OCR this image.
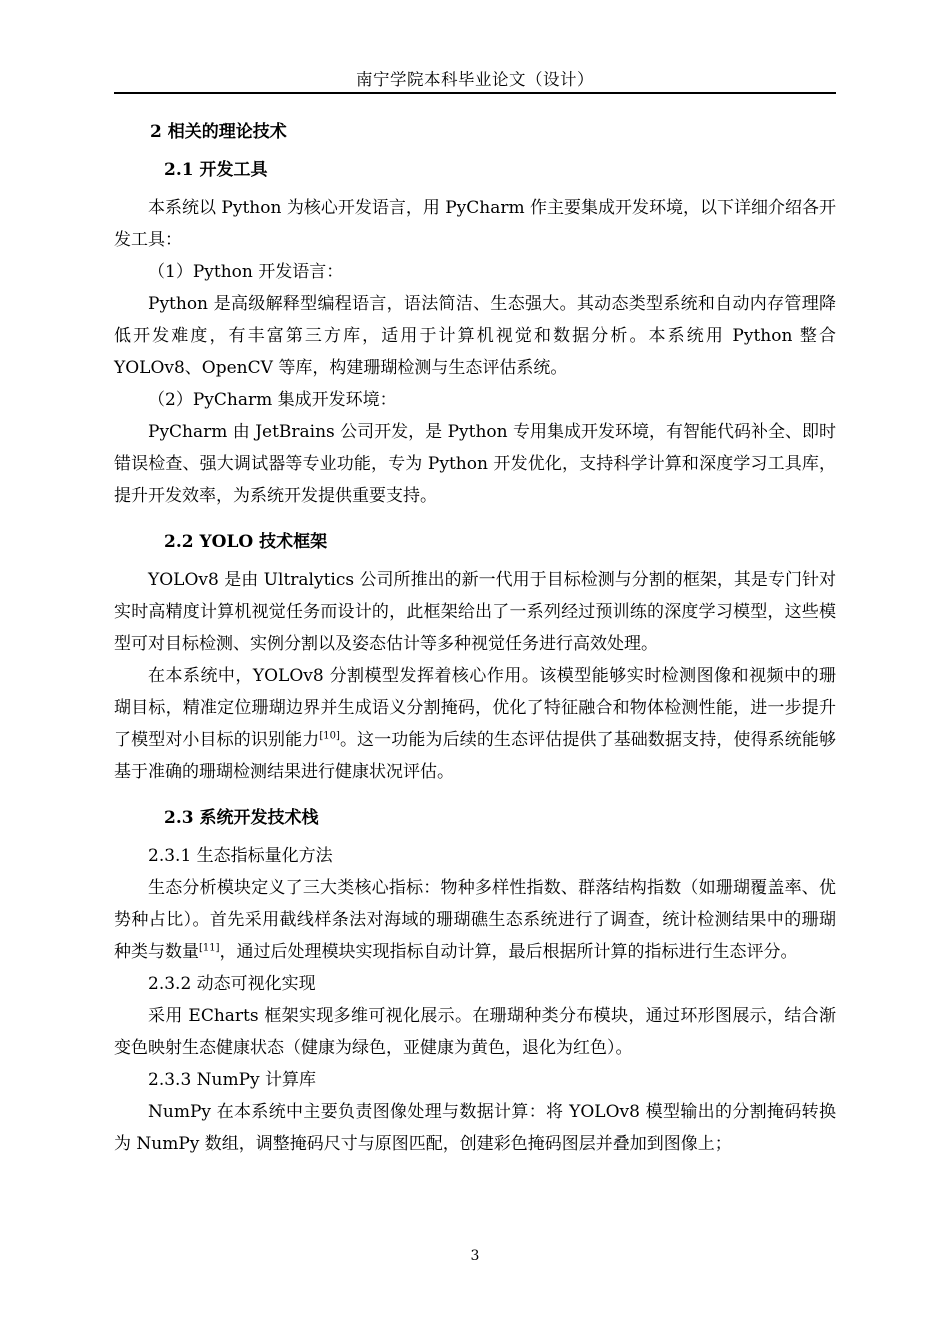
南宁学院本科毕业论文（设计）
2 相关的理论技术
2.1 开发工具

本系统以 Python 为核心开发语言，用 PyCharm 作主要集成开发环境，以下详细介绍各开发工具：

（1）Python 开发语言：

Python 是高级解释型编程语言，语法简洁、生态强大。其动态类型系统和自动内存管理降低开发难度，有丰富第三方库，适用于计算机视觉和数据分析。本系统用 Python 整合 YOLOv8、OpenCV 等库，构建珊瑚检测与生态评估系统。

（2）PyCharm 集成开发环境：

PyCharm 由 JetBrains 公司开发，是 Python 专用集成开发环境，有智能代码补全、即时错误检查、强大调试器等专业功能，专为 Python 开发优化，支持科学计算和深度学习工具库，提升开发效率，为系统开发提供重要支持。

2.2 YOLO 技术框架

YOLOv8 是由 Ultralytics 公司所推出的新一代用于目标检测与分割的框架，其是专门针对实时高精度计算机视觉任务而设计的，此框架给出了一系列经过预训练的深度学习模型，这些模型可对目标检测、实例分割以及姿态估计等多种视觉任务进行高效处理。

在本系统中，YOLOv8 分割模型发挥着核心作用。该模型能够实时检测图像和视频中的珊瑚目标，精准定位珊瑚边界并生成语义分割掩码，优化了特征融合和物体检测性能，进一步提升了模型对小目标的识别能力[10]。这一功能为后续的生态评估提供了基础数据支持，使得系统能够基于准确的珊瑚检测结果进行健康状况评估。

2.3 系统开发技术栈

2.3.1 生态指标量化方法

生态分析模块定义了三大类核心指标：物种多样性指数、群落结构指数（如珊瑚覆盖率、优势种占比）。首先采用截线样条法对海域的珊瑚礁生态系统进行了调查，统计检测结果中的珊瑚种类与数量[11]，通过后处理模块实现指标自动计算，最后根据所计算的指标进行生态评分。

2.3.2 动态可视化实现

采用 ECharts 框架实现多维可视化展示。在珊瑚种类分布模块，通过环形图展示，结合渐变色映射生态健康状态（健康为绿色，亚健康为黄色，退化为红色）。

2.3.3 NumPy 计算库

NumPy 在本系统中主要负责图像处理与数据计算：将 YOLOv8 模型输出的分割掩码转换为 NumPy 数组，调整掩码尺寸与原图匹配，创建彩色掩码图层并叠加到图像上；

3
